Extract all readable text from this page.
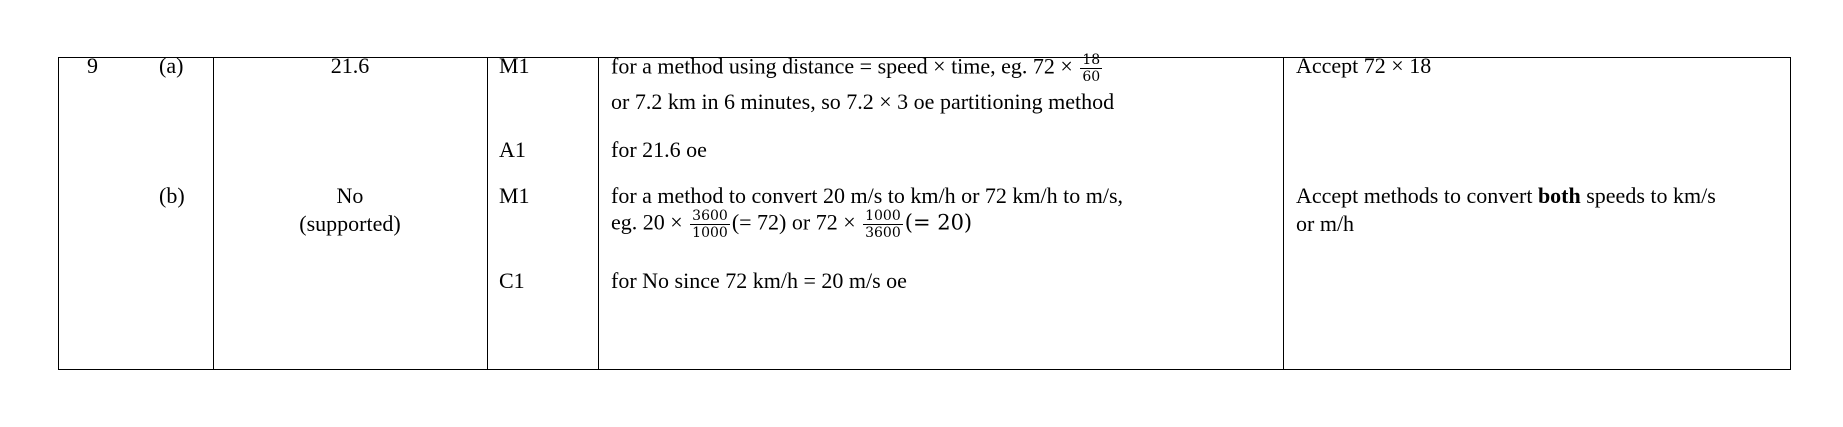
9	(a)
(b)
21.6
No
(supported)
M1
A1
M1
C1
for a method using distance = speed × time, eg. $72 \times \frac{18}{60}$
or 7.2 km in 6 minutes, so 7.2 × 3 oe partitioning method
for 21.6 oe
for a method to convert 20 m/s to km/h or 72 km/h to m/s,
eg. $20 \times \frac{3600}{1000}$ (= 72) or $72 \times \frac{1000}{3600}$ (= 20)
for No since 72 km/h = 20 m/s oe
Accept 72 × 18
Accept methods to convert both speeds to km/s
or m/h
